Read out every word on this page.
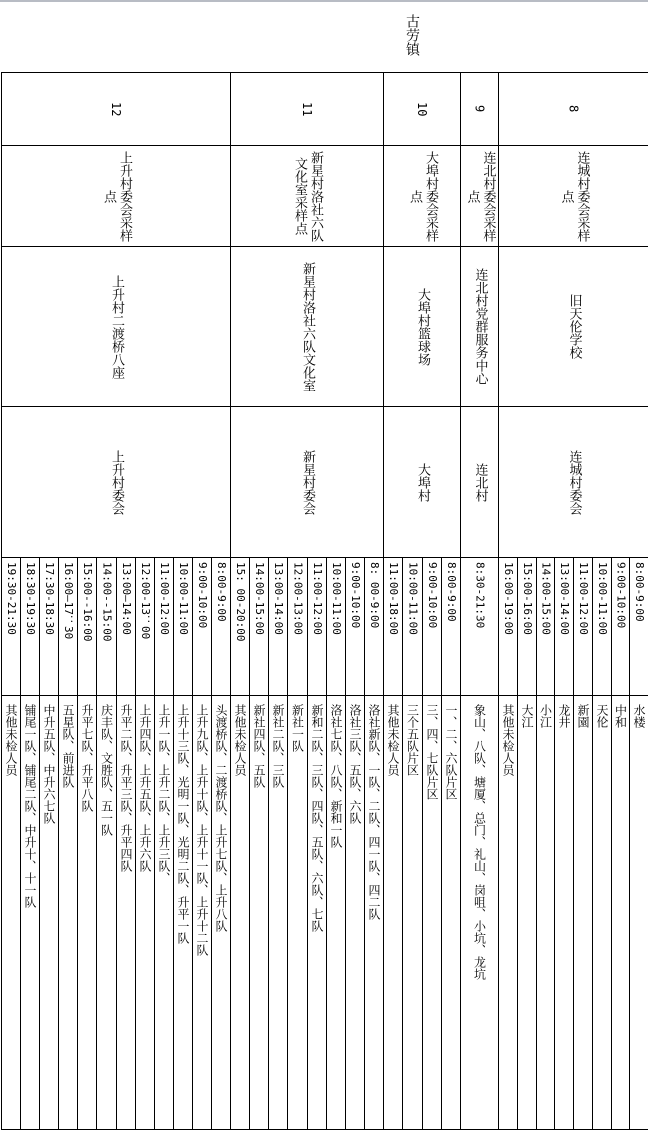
古劳镇
8
连城村委会采样点
旧天伦学校
连城村委会
8:00-9:00
水楼
9:00-10:00
中和
10:00-11:00
天伦
11:00-12:00
新園
13:00-14:00
龙井
14:00-15:00
小江
15:00-16:00
大江
16:00-19:00
其他未检人员
9
连北村委会采样点
连北村党群服务中心
连北村
8:30-21:30
象山、八队、塘厦、总门、礼山、岗咀、小坑、龙坑
10
大埠村委会采样点
大埠村篮球场
大埠村
8:00-9:00
一、二、六队片区
9:00-10:00
三、四、七队片区
10:00-11:00
三个五队片区
11:00-18:00
其他未检人员
11
新星村洛社六队文化室采样点
新星村洛社六队文化室
新星村委会
8: 00-9:00
洛社新队、一队、二队、四一队、四二队
9:00-10:00
洛社三队、五队、六队
10:00-11:00
洛社七队、八队、新和一队
11:00-12:00
新和二队、三队、四队、五队、六队、七队
12:00-13:00
新社一队
13:00-14:00
新社二队、三队
14:00-15:00
新社四队、五队
15: 00-20:00
其他未检人员
12
上升村委会采样点
上升村二渡桥八座
上升村委会
8:00-9:00
头渡桥队、二渡桥队、上升七队、上升八队
9:00-10:00
上升九队、上升十队、上升十一队、上升十二队
10:00-11:00
上升十三队、光明一队、光明二队、升平一队
11:00-12:00
上升一队、上升二队、上升三队、
12:00-13：00
上升四队、上升五队、上升六队
13:00—14:00
升平二队、升平三队、升平四队
14:00--15:00
庆丰队、文胜队、五一队
15:00--16:00
升平七队、升平八队
16:00—17：30
五星队、前进队
17:30-18:30
中升五队、中升六七队
18:30-19:30
铺尾一队、铺尾二队、中升十、十一队
19:30-21:30
其他未检人员
